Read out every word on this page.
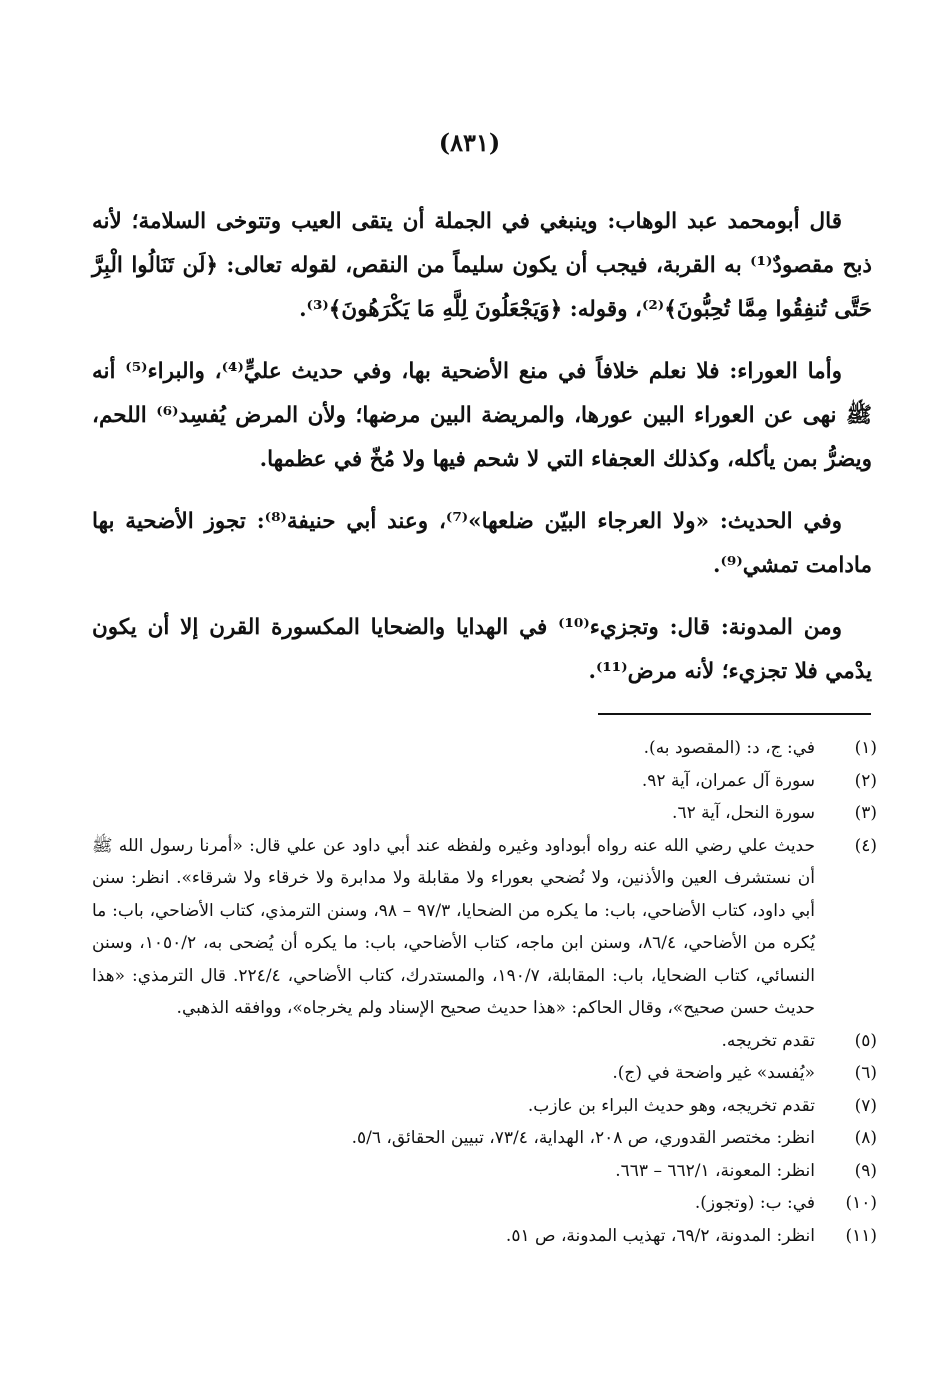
(٨٣١)

قال أبومحمد عبد الوهاب: وينبغي في الجملة أن يتقى العيب وتتوخى السلامة؛ لأنه ذبح مقصودٌ⁽¹⁾ به القربة، فيجب أن يكون سليماً من النقص، لقوله تعالى: ﴿لَن تَنَالُوا الْبِرَّ حَتَّى تُنفِقُوا مِمَّا تُحِبُّونَ﴾⁽²⁾، وقوله: ﴿وَيَجْعَلُونَ لِلَّهِ مَا يَكْرَهُونَ﴾⁽³⁾.

وأما العوراء: فلا نعلم خلافاً في منع الأضحية بها، وفي حديث عليٍّ⁽⁴⁾، والبراء⁽⁵⁾ أنه ﷺ نهى عن العوراء البين عورها، والمريضة البين مرضها؛ ولأن المرض يُفسِد⁽⁶⁾ اللحم، ويضرُّ بمن يأكله، وكذلك العجفاء التي لا شحم فيها ولا مُخّ في عظمها.

وفي الحديث: «ولا العرجاء البيّن ضلعها»⁽⁷⁾، وعند أبي حنيفة⁽⁸⁾: تجوز الأضحية بها مادامت تمشي⁽⁹⁾.

ومن المدونة: قال: وتجزيء⁽¹⁰⁾ في الهدايا والضحايا المكسورة القرن إلا أن يكون يدْمي فلا تجزيء؛ لأنه مرض⁽¹¹⁾.

(١)
في: ج، د: (المقصود به).
(٢)
سورة آل عمران، آية ٩٢.
(٣)
سورة النحل، آية ٦٢.
(٤)
حديث علي رضي الله عنه رواه أبوداود وغيره ولفظه عند أبي داود عن علي قال: «أمرنا رسول الله ﷺ أن نستشرف العين والأذنين، ولا نُضحي بعوراء ولا مقابلة ولا مدابرة ولا خرقاء ولا شرقاء». انظر: سنن أبي داود، كتاب الأضاحي، باب: ما يكره من الضحايا، ٩٧/٣ – ٩٨، وسنن الترمذي، كتاب الأضاحي، باب: ما يُكره من الأضاحي، ٨٦/٤، وسنن ابن ماجه، كتاب الأضاحي، باب: ما يكره أن يُضحى به، ١٠٥٠/٢، وسنن النسائي، كتاب الضحايا، باب: المقابلة، ١٩٠/٧، والمستدرك، كتاب الأضاحي، ٢٢٤/٤. قال الترمذي: «هذا حديث حسن صحيح»، وقال الحاكم: «هذا حديث صحيح الإسناد ولم يخرجاه»، ووافقه الذهبي.
(٥)
تقدم تخريجه.
(٦)
«يُفسد» غير واضحة في (ج).
(٧)
تقدم تخريجه، وهو حديث البراء بن عازب.
(٨)
انظر: مختصر القدوري، ص ٢٠٨، الهداية، ٧٣/٤، تبيين الحقائق، ٥/٦.
(٩)
انظر: المعونة، ٦٦٢/١ – ٦٦٣.
(١٠)
في: ب: (وتجوز).
(١١)
انظر: المدونة، ٦٩/٢، تهذيب المدونة، ص ٥١.
